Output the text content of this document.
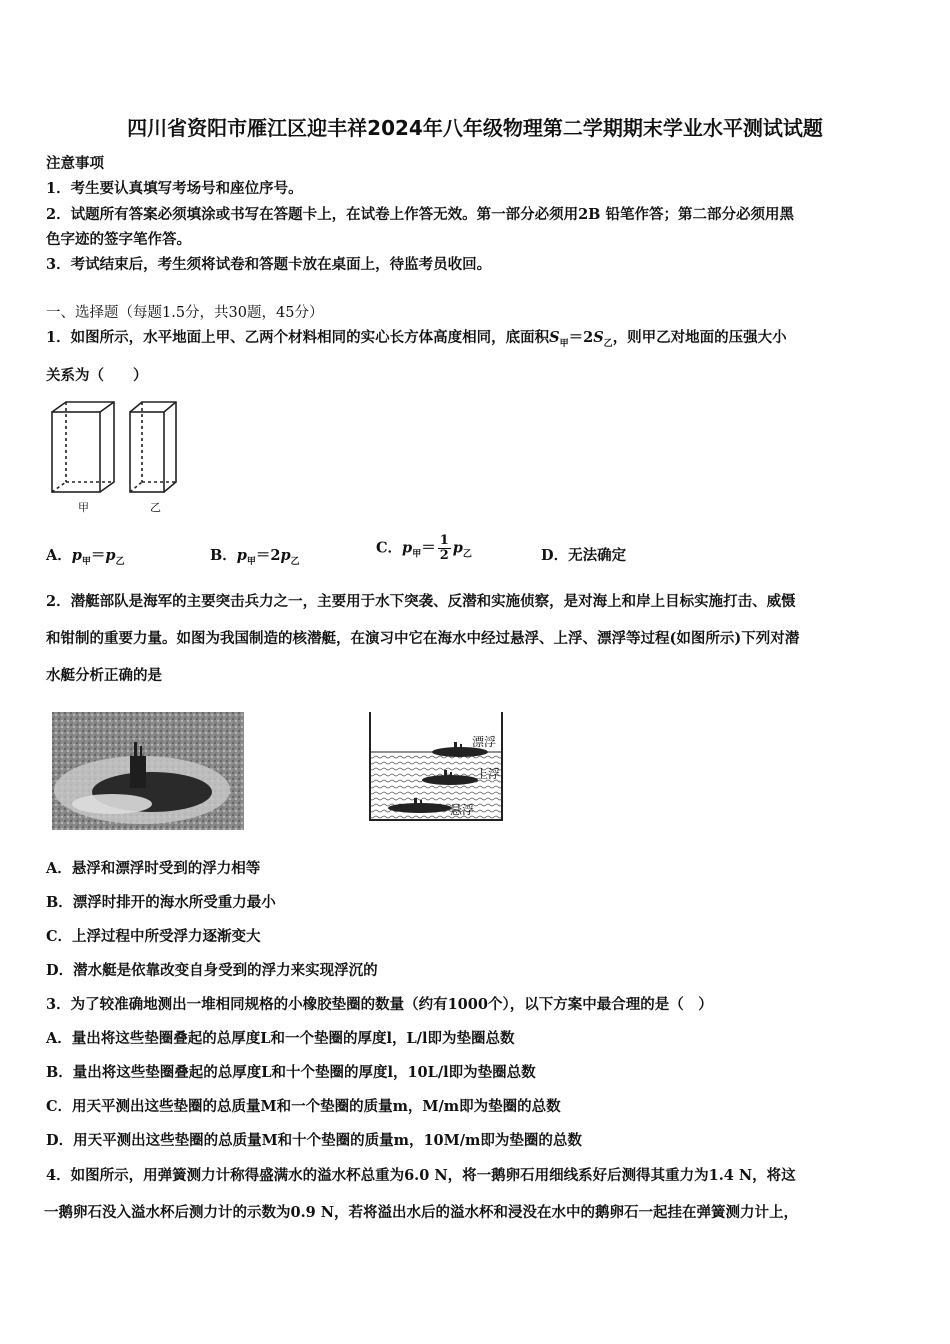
四川省资阳市雁江区迎丰祥2024年八年级物理第二学期期末学业水平测试试题
注意事项
1．考生要认真填写考场号和座位序号。
2．试题所有答案必须填涂或书写在答题卡上，在试卷上作答无效。第一部分必须用2B 铅笔作答；第二部分必须用黑
色字迹的签字笔作答。
3．考试结束后，考生须将试卷和答题卡放在桌面上，待监考员收回。
一、选择题（每题1.5分，共30题，45分）
1．如图所示，水平地面上甲、乙两个材料相同的实心长方体高度相同，底面积$S_甲=2S_乙$，则甲乙对地面的压强大小
关系为（　　）
甲	乙
A．$p_甲=p_乙$	B．$p_甲=2p_乙$
C．$p_甲= \frac{1}{2} p_乙$	D．无法确定
2．潜艇部队是海军的主要突击兵力之一，主要用于水下突袭、反潜和实施侦察，是对海上和岸上目标实施打击、威慑
和钳制的重要力量。如图为我国制造的核潜艇，在演习中它在海水中经过悬浮、上浮、漂浮等过程(如图所示)下列对潜
水艇分析正确的是
漂浮
上浮
悬浮
A．悬浮和漂浮时受到的浮力相等
B．漂浮时排开的海水所受重力最小
C．上浮过程中所受浮力逐渐变大
D．潜水艇是依靠改变自身受到的浮力来实现浮沉的
3．为了较准确地测出一堆相同规格的小橡胶垫圈的数量（约有1000个），以下方案中最合理的是（　）
A．量出将这些垫圈叠起的总厚度L和一个垫圈的厚度l，L/l即为垫圈总数
B．量出将这些垫圈叠起的总厚度L和十个垫圈的厚度l，10L/l即为垫圈总数
C．用天平测出这些垫圈的总质量M和一个垫圈的质量m，M/m即为垫圈的总数
D．用天平测出这些垫圈的总质量M和十个垫圈的质量m，10M/m即为垫圈的总数
4．如图所示，用弹簧测力计称得盛满水的溢水杯总重为6.0 N，将一鹅卵石用细线系好后测得其重力为1.4 N，将这
一鹅卵石没入溢水杯后测力计的示数为0.9 N，若将溢出水后的溢水杯和浸没在水中的鹅卵石一起挂在弹簧测力计上，
